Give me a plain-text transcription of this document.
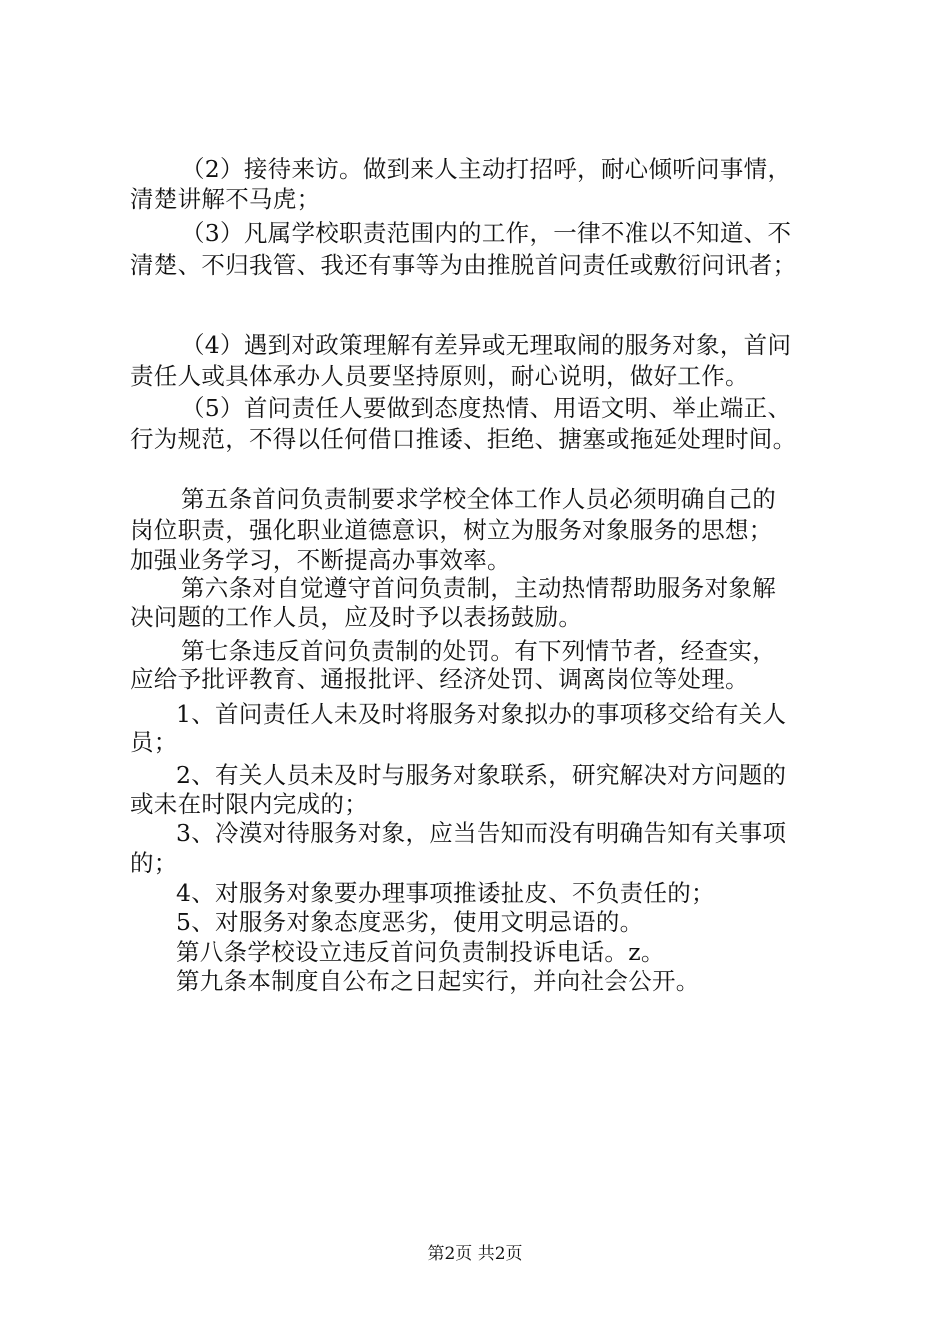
（2）接待来访。做到来人主动打招呼，耐心倾听问事情，
清楚讲解不马虎；
（3）凡属学校职责范围内的工作，一律不准以不知道、不
清楚、不归我管、我还有事等为由推脱首问责任或敷衍问讯者；
（4）遇到对政策理解有差异或无理取闹的服务对象，首问
责任人或具体承办人员要坚持原则，耐心说明，做好工作。
（5）首问责任人要做到态度热情、用语文明、举止端正、
行为规范，不得以任何借口推诿、拒绝、搪塞或拖延处理时间。
第五条首问负责制要求学校全体工作人员必须明确自己的
岗位职责，强化职业道德意识，树立为服务对象服务的思想；
加强业务学习，不断提高办事效率。
第六条对自觉遵守首问负责制，主动热情帮助服务对象解
决问题的工作人员，应及时予以表扬鼓励。
第七条违反首问负责制的处罚。有下列情节者，经查实，
应给予批评教育、通报批评、经济处罚、调离岗位等处理。
1、首问责任人未及时将服务对象拟办的事项移交给有关人
员；
2、有关人员未及时与服务对象联系，研究解决对方问题的
或未在时限内完成的；
3、冷漠对待服务对象，应当告知而没有明确告知有关事项
的；
4、对服务对象要办理事项推诿扯皮、不负责任的；
5、对服务对象态度恶劣，使用文明忌语的。
第八条学校设立违反首问负责制投诉电话。z。
第九条本制度自公布之日起实行，并向社会公开。
第2页 共2页
